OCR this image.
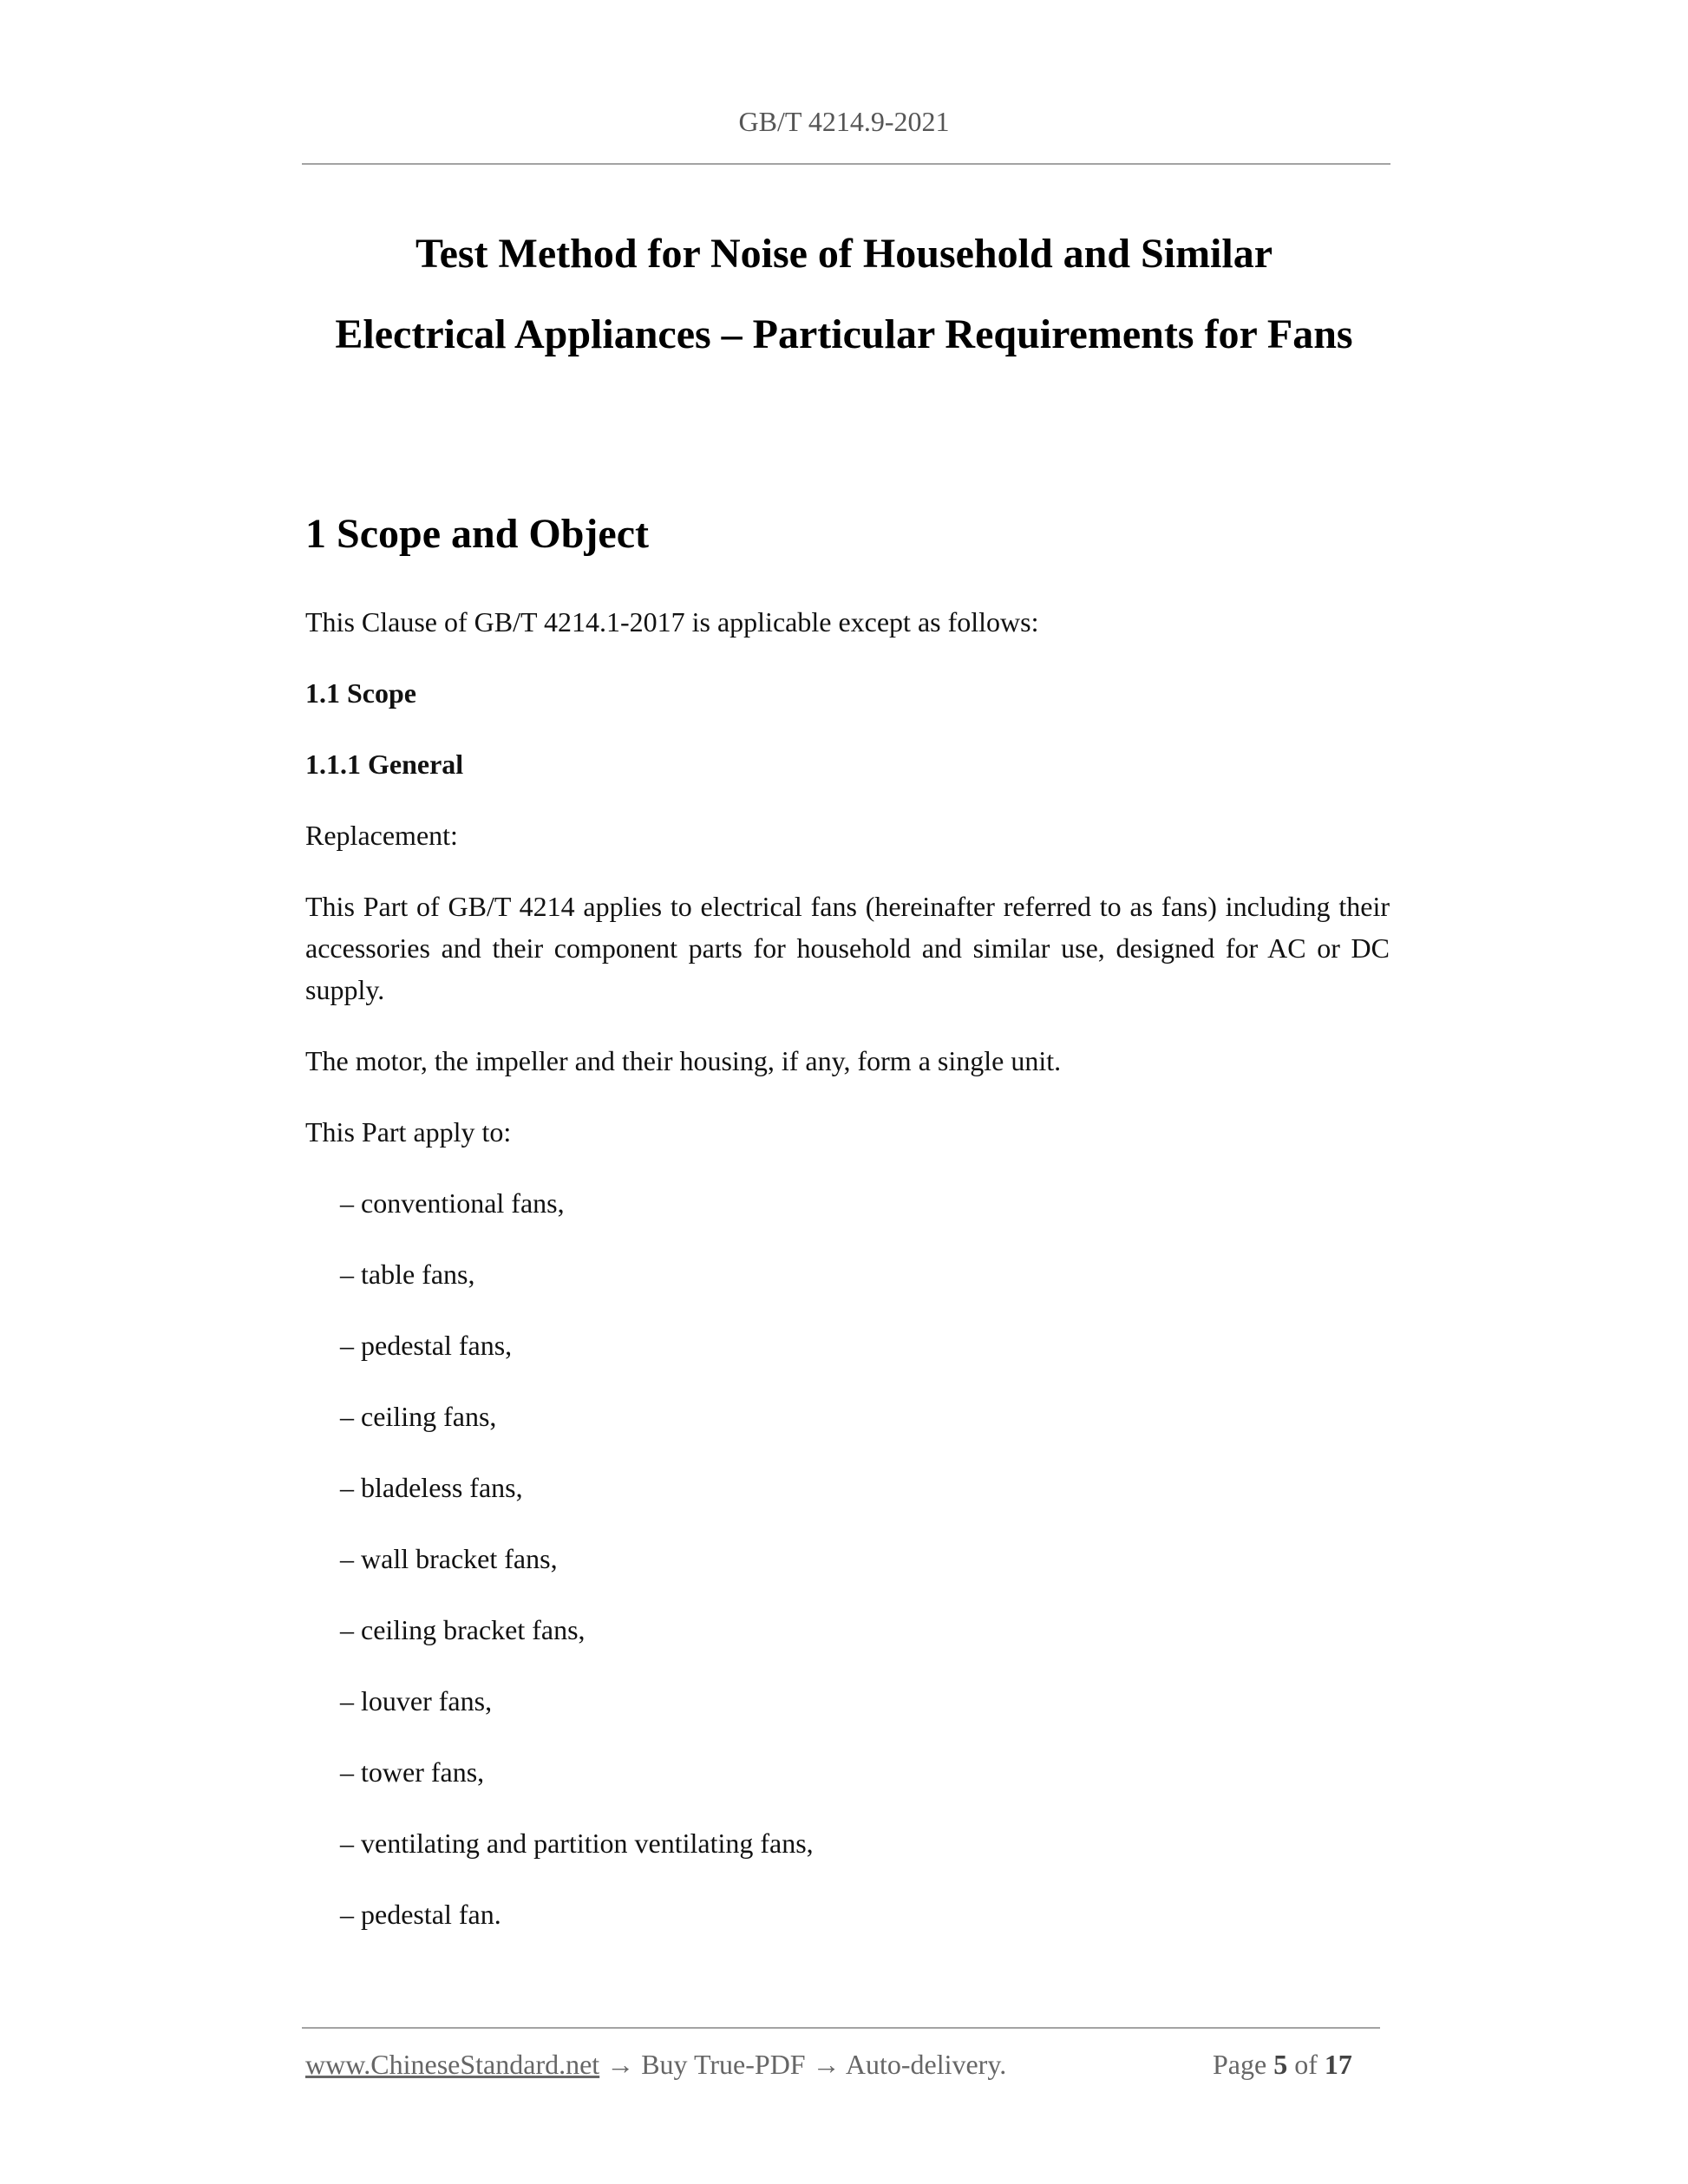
GB/T 4214.9-2021
Test Method for Noise of Household and Similar
Electrical Appliances – Particular Requirements for Fans
1 Scope and Object
This Clause of GB/T 4214.1-2017 is applicable except as follows:
1.1 Scope
1.1.1 General
Replacement:
This Part of GB/T 4214 applies to electrical fans (hereinafter referred to as fans) including their accessories and their component parts for household and similar use, designed for AC or DC supply.
The motor, the impeller and their housing, if any, form a single unit.
This Part apply to:
– conventional fans,
– table fans,
– pedestal fans,
– ceiling fans,
– bladeless fans,
– wall bracket fans,
– ceiling bracket fans,
– louver fans,
– tower fans,
– ventilating and partition ventilating fans,
– pedestal fan.
www.ChineseStandard.net → Buy True-PDF → Auto-delivery.	Page 5 of 17
